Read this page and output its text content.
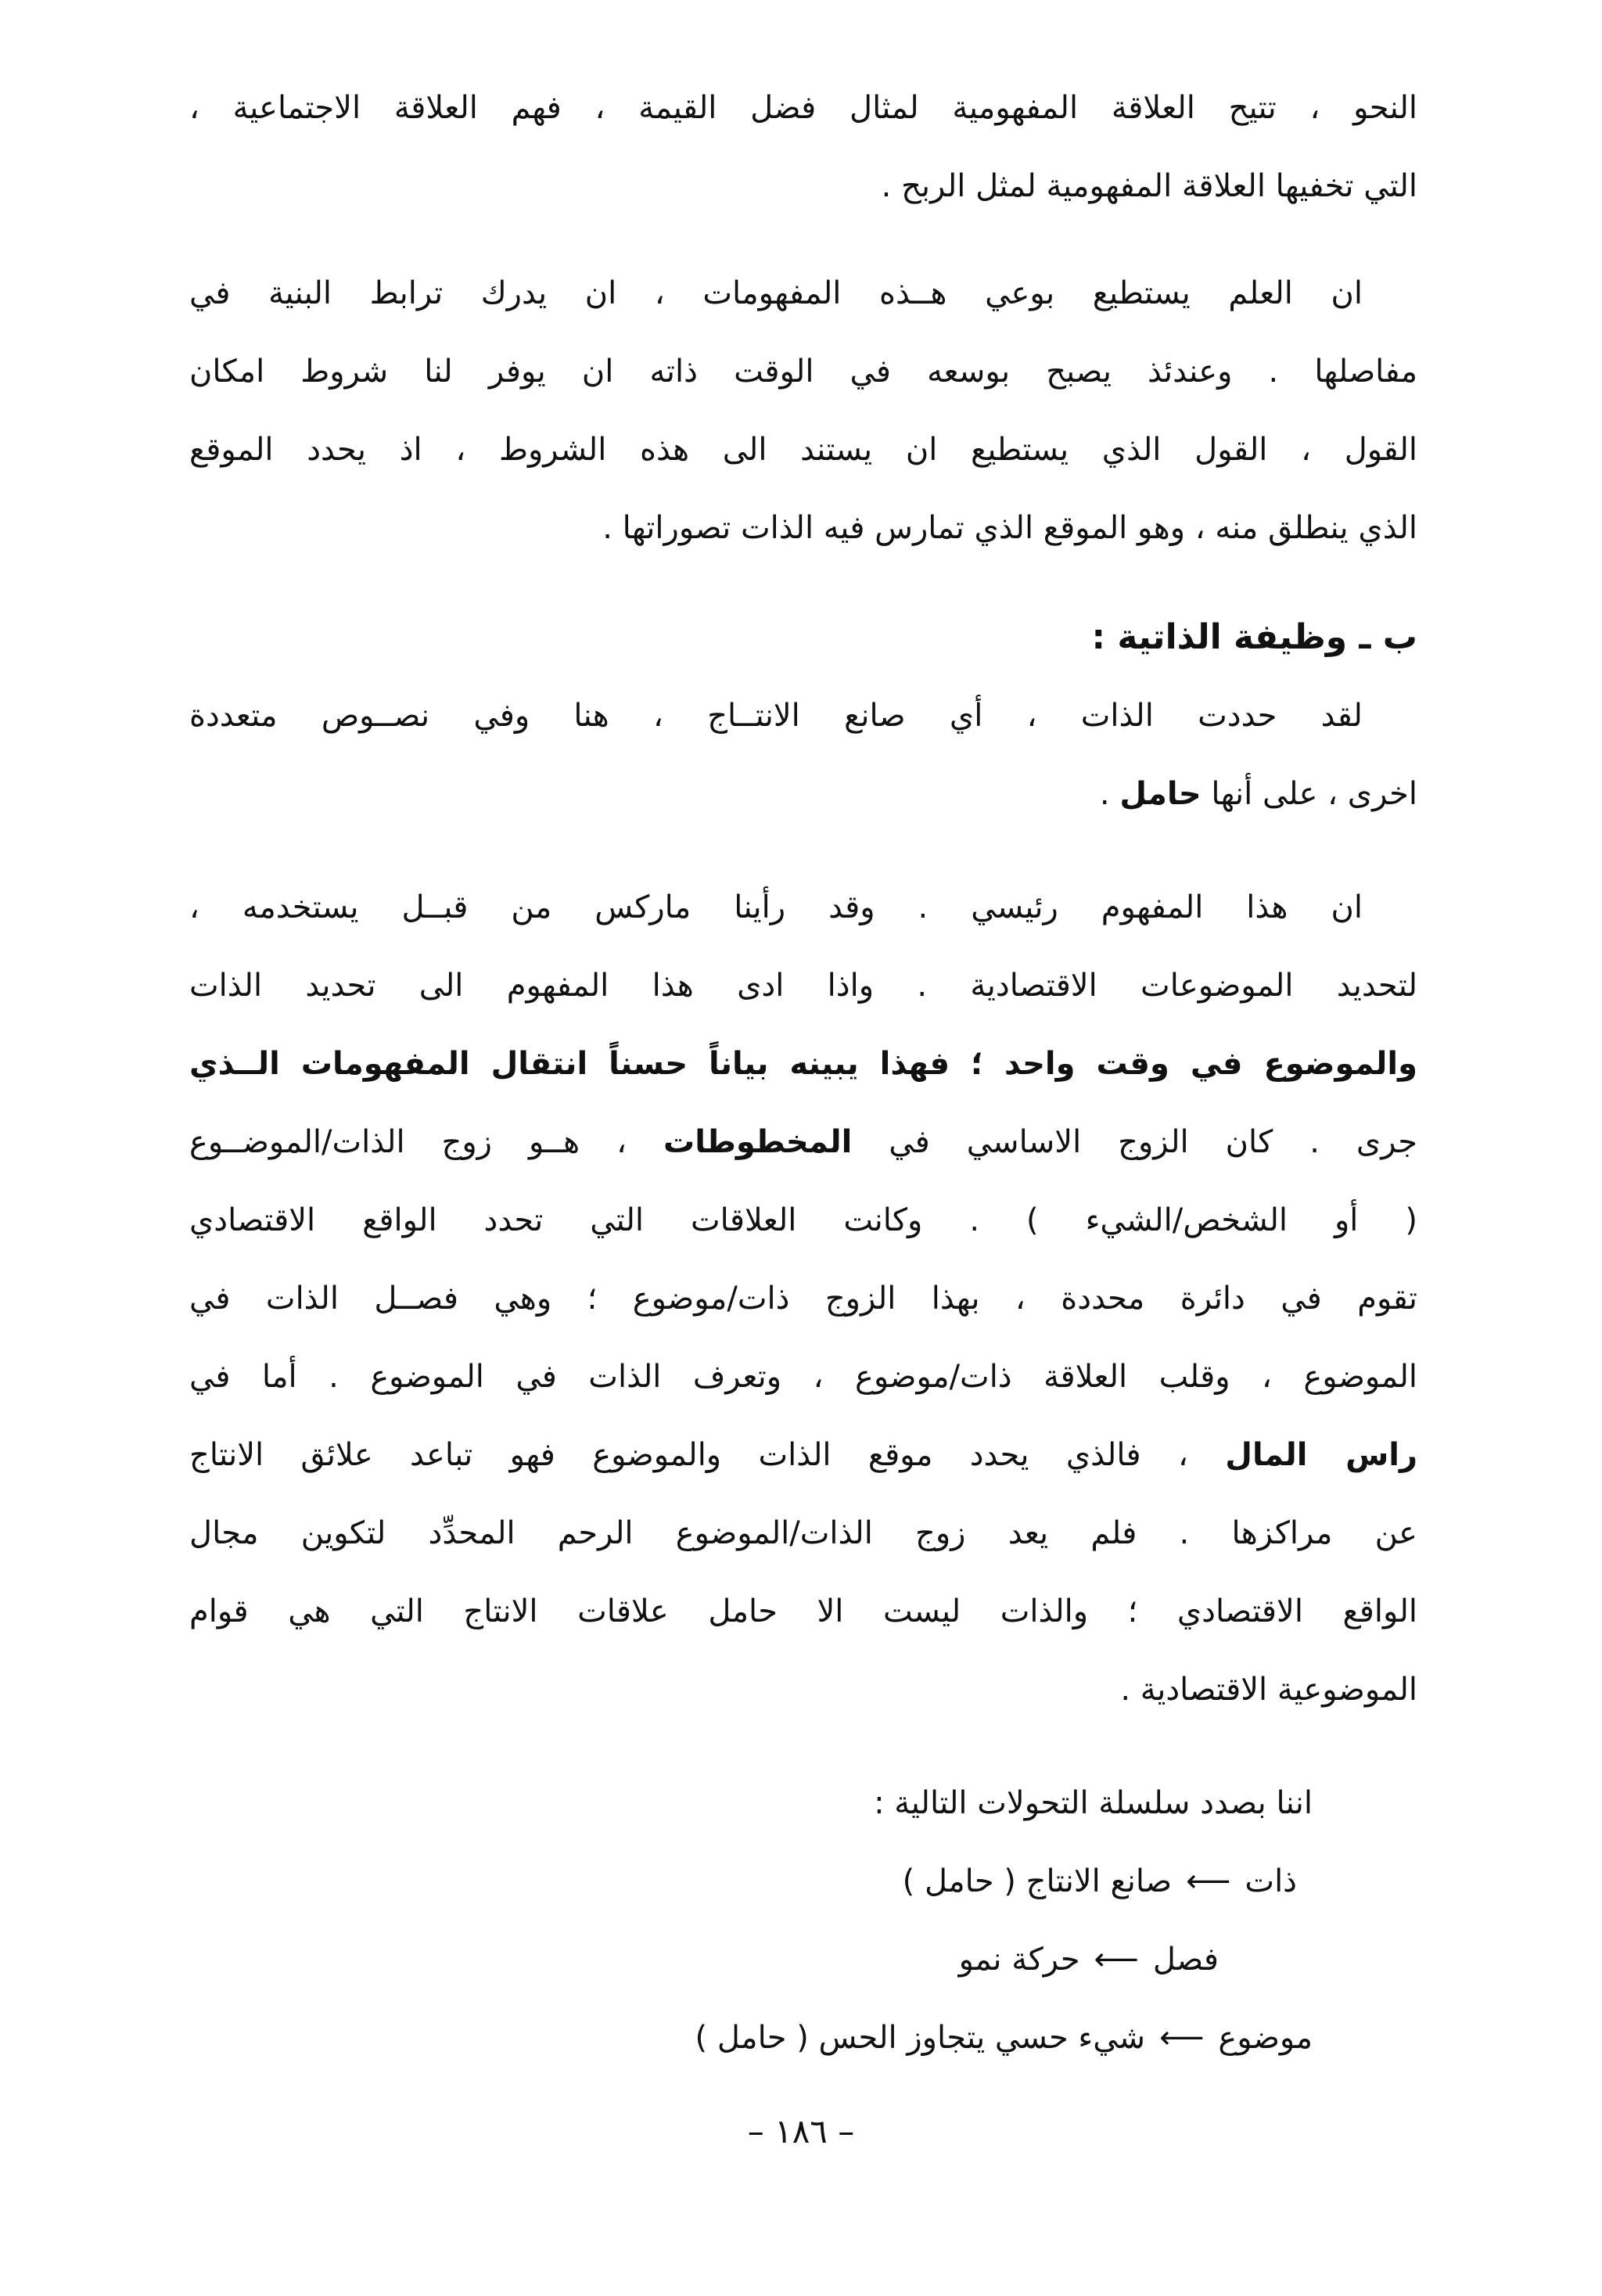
النحو ، تتيح العلاقة المفهومية لمثال فضل القيمة ، فهم العلاقة الاجتماعية ،
التي تخفيها العلاقة المفهومية لمثل الربح .
ان العلم يستطيع بوعي هــذه المفهومات ، ان يدرك ترابط البنية في
مفاصلها . وعندئذ يصبح بوسعه في الوقت ذاته ان يوفر لنا شروط امكان
القول ، القول الذي يستطيع ان يستند الى هذه الشروط ، اذ يحدد الموقع
الذي ينطلق منه ، وهو الموقع الذي تمارس فيه الذات تصوراتها .
ب ـ وظيفة الذاتية :
لقد حددت الذات ، أي صانع الانتــاج ، هنا وفي نصــوص متعددة
اخرى ، على أنها حامل .
ان هذا المفهوم رئيسي . وقد رأينا ماركس من قبــل يستخدمه ،
لتحديد الموضوعات الاقتصادية . واذا ادى هذا المفهوم الى تحديد الذات
والموضوع في وقت واحد ؛ فهذا يبينه بياناً حسناً انتقال المفهومات الــذي
جرى . كان الزوج الاساسي في المخطوطات ، هــو زوج الذات/الموضــوع
( أو الشخص/الشيء ) . وكانت العلاقات التي تحدد الواقع الاقتصادي
تقوم في دائرة محددة ، بهذا الزوج ذات/موضوع ؛ وهي فصــل الذات في
الموضوع ، وقلب العلاقة ذات/موضوع ، وتعرف الذات في الموضوع . أما في
راس المال ، فالذي يحدد موقع الذات والموضوع فهو تباعد علائق الانتاج
عن مراكزها . فلم يعد زوج الذات/الموضوع الرحم المحدِّد لتكوين مجال
الواقع الاقتصادي ؛ والذات ليست الا حامل علاقات الانتاج التي هي قوام
الموضوعية الاقتصادية .
اننا بصدد سلسلة التحولات التالية :
ذات⟵صانع الانتاج ( حامل )
فصل⟵حركة نمو
موضوع⟵شيء حسي يتجاوز الحس ( حامل )
– ١٨٦ –
